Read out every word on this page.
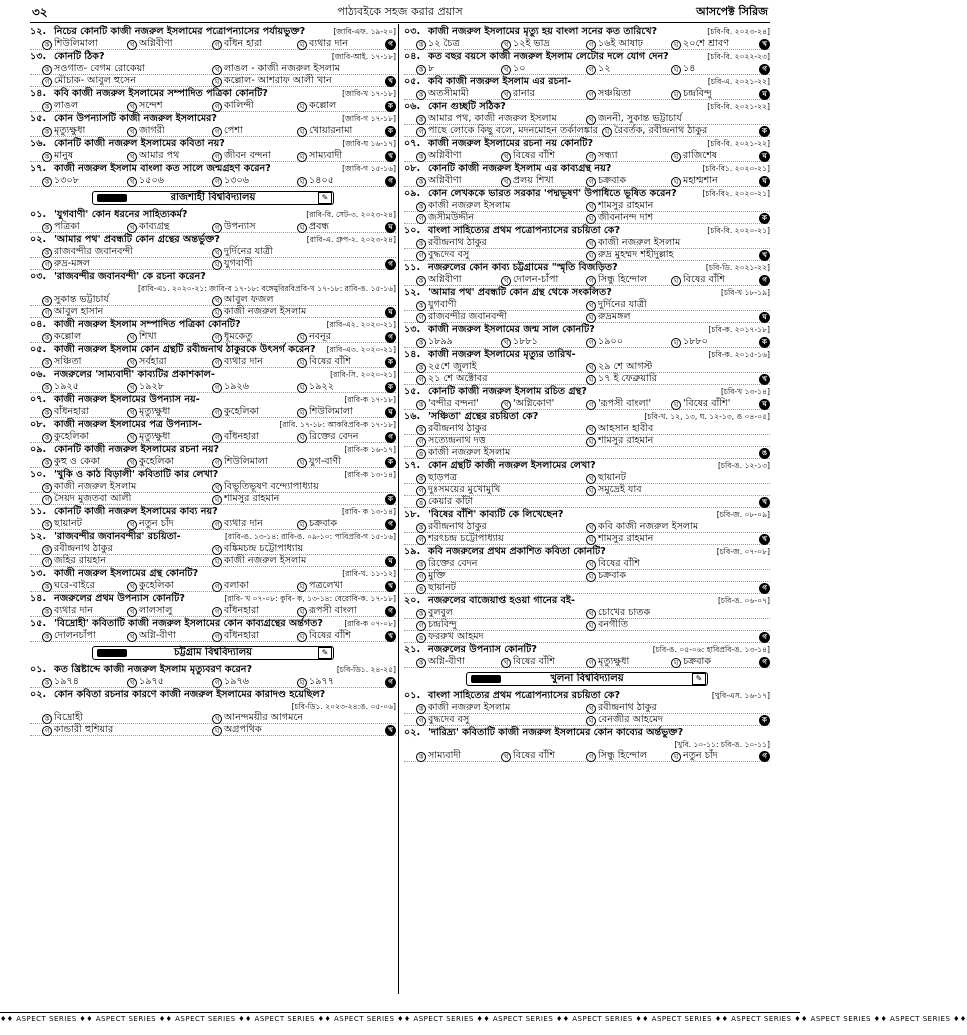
৩২	পাঠ্যবইকে সহজ করার প্রয়াস	আসপেক্ট সিরিজ
১২. নিচের কোনটি কাজী নজরুল ইসলামের পত্রোপন্যাসের পর্যায়ভুক্ত?	[জাবি-এফ. ১৯-২০]
ক শিউলিমালা	খ অগ্নিবীণা	গ বাঁধন হারা	ঘ ব্যথার দান	গ
১৩. কোনটি ঠিক?	[জাবি-আই. ১৭-১৮]
ক সওগাত- বেগম রোকেয়া	খ লাঙল - কাজী নজরুল ইসলাম
গ মৌচাক- আবুল হুসেন	ঘ কল্লোল- আশরাফ আলী খান	খ
১৪. কবি কাজী নজরুল ইসলামের সম্পাদিত পত্রিকা কোনটি?	[জাবি-খ ১৭-১৮]
ক লাঙল	খ সন্দেশ	গ কালিন্দী	ঘ কল্লোল	ক
১৫. কোন উপন্যাসটি কাজী নজরুল ইসলামের?	[জাবি-গ ১৭-১৮]
ক মৃত্যুক্ষুধা	খ জাগরী	গ পেশা	ঘ খোয়ারনামা	ক
১৬. কোনটি কাজী নজরুল ইসলামের কবিতা নয়?	[জাবি-ঘ ১৬-১৭]
ক মানুষ	খ আমার পথ	গ জীবন বন্দনা	ঘ সাম্যবাদী	খ
১৭. কাজী নজরুল ইসলাম বাংলা কত সালে জন্মগ্রহণ করেন?	[জাবি-গ ১৫-১৬]
ক ১৩০৮	খ ১৫০৬	গ ১৩০৬	ঘ ১৪০৫	গ
রাজশাহী বিশ্ববিদ্যালয়	✎
০১. 'যুগবাণী' কোন ধরনের সাহিত্যকর্ম?	[রাবি-বি. সেট-৩. ২০২৩-২৪]
ক পত্রিকা	খ কাব্যগ্রন্থ	গ উপন্যাস	ঘ প্রবন্ধ	ঘ
০২. 'আমার পথ' প্রবন্ধটি কোন গ্রন্থের অন্তর্ভুক্ত?	[রাবি-এ. গ্রুপ-২. ২০২৩-২৪]
ক রাজবন্দীর জবানবন্দী	খ দুর্দিনের যাত্রী
গ রুদ্র-মঙ্গল	ঘ যুগবাণী	গ
০৩. 'রাজবন্দীর জবানবন্দী' কে রচনা করেন?
[রাবি-এ১. ২০২০-২১: জাবি-ব ১৭-১৮: বঙ্গেমুবিরবিপ্রবি-খ ১৭-১৮: রাবি-ঙ. ১৫-১৬]
ক সুকান্ত ভট্টাচার্য	খ আবুল ফজল
গ আবুল হাসান	ঘ কাজী নজরুল ইসলাম	ঘ
০৪. কাজী নজরুল ইসলাম সম্পাদিত পত্রিকা কোনটি?	[রাবি-এ২. ২০২০-২১]
ক কল্লোল	খ শিখা	গ ধূমকেতু	ঘ নবনূর	গ
০৫. কাজী নজরুল ইসলাম কোন গ্রন্থটি রবীন্দ্রনাথ ঠাকুরকে উৎসর্গ করেন?	[রাবি-এ৩. ২০২০-২১]
ক সঞ্চিতা	খ সর্বহারা	গ ব্যথার দান	ঘ বিষের বাঁশি	ক
০৬. নজরুলের 'সাম্যবাদী' কাব্যটির প্রকাশকাল-	[রাবি-সি. ২০২০-২১]
ক ১৯২৫	খ ১৯২৮	গ ১৯২৬	ঘ ১৯২২	ক
০৭. কাজী নজরুল ইসলামের উপন্যাস নয়-	[রাবি-ক ১৭-১৮]
ক বাঁধনহারা	খ মৃত্যুক্ষুধা	গ কুহেলিকা	ঘ শিউলিমালা	ঘ
০৮. কাজী নজরুল ইসলামের পত্র উপন্যাস-	[রাবি. ১৭-১৮: আকবিপ্রবি-ক ১৭-১৮]
ক কুহেলিকা	খ মৃত্যুক্ষুধা	গ বাঁধনহারা	ঘ রিক্তের বেদন	গ
০৯. কোনটি কাজী নজরুল ইসলামের রচনা নয়?	[রাবি-ক ১৬-১৭]
ক কুহু ও কেকা	খ কুহেলিকা	গ শিউলিমালা	ঘ যুগ-বাণী	ক
১০. 'খুকি ও কাঠ বিড়ালী' কবিতাটি কার লেখা?	[রাবি-ক ১৩-১৪]
ক কাজী নজরুল ইসলাম	খ বিভূতিভূষণ বন্দ্যোপাধ্যায়
গ সৈয়দ মুজতবা আলী	ঘ শামসুর রাহমান	ক
১১. কোনটি কাজী নজরুল ইসলামের কাব্য নয়?	[রাবি- ক ১৩-১৪]
ক ছায়ানট	খ নতুন চাঁদ	গ ব্যথার দান	ঘ চক্রবাক	গ
১২. 'রাজবন্দীর জবানবন্দীর' রচয়িতা-	[রাবি-ঙ. ১৩-১৪: রাবি-ঙ. ০৯-১০: পাবিপ্রবি-গ ১৫-১৬]
ক রবীন্দ্রনাথ ঠাকুর	খ বঙ্কিমচন্দ্র চট্টোপাধ্যায়
গ জহির রায়হান	ঘ কাজী নজরুল ইসলাম	ঘ
১৩. কাজী নজরুল ইসলামের গ্রন্থ কোনটি?	[রাবি-খ. ১১-১২]
ক ঘরে-বাইরে	খ কুহেলিকা	গ বলাকা	ঘ পত্রলেখা	খ
১৪. নজরুলের প্রথম উপন্যাস কোনটি?	[রাবি- খ ০৭-০৮: কুবি- ক, ১৩-১৪: বেরোবি-ক. ১৭-১৮]
ক ব্যথার দান	খ লালসালু	গ বাঁধনহারা	ঘ রূপসী বাংলা	গ
১৫. 'বিদ্রোহী' কবিতাটি কাজী নজরুল ইসলামের কোন কাব্যগ্রন্থের অর্ন্তগত?	[রাবি-ক ০৭-০৮]
ক দোলনচাঁপা	খ অগ্নি-বীণা	গ বাঁধনহারা	ঘ বিষের বাঁশি	খ
চট্টগ্রাম বিশ্ববিদ্যালয়	✎
০১. কত খ্রিষ্টাব্দে কাজী নজরুল ইসলাম মৃত্যুবরণ করেন?	[চবি-ডি১. ২৪-২৫]
ক ১৯৭৪	খ ১৯৭৫	গ ১৯৭৬	ঘ ১৯৭৭	গ
০২. কোন কবিতা রচনার কারণে কাজী নজরুল ইসলামের কারাদণ্ড হয়েছিল?
[চবি-ডি১. ২০২৩-২৪:ঙ. ০৫-০৬]
ক বিদ্রোহী	খ আনন্দময়ীর আগমনে
গ কান্ডারী হুশিয়ার	ঘ অগ্রপথিক	খ
০৩. কাজী নজরুল ইসলামের মৃত্যু হয় বাংলা সনের কত তারিখে?	[চবি-বি. ২০২৩-২৪]
ক ১২ চৈত্র	খ ১২ই ভাদ্র	গ ১৬ই আষাঢ়	ঘ ২০শে শ্রাবণ	খ
০৪. কত বছর বয়সে কাজী নজরুল ইসলাম লেটোর দলে যোগ দেন?	[চবি-বি. ২০২২-২৩]
ক ৮	খ ১০	গ ১২	ঘ ১৪	গ
০৫. কবি কাজী নজরুল ইসলাম এর রচনা-	[চবি-এ. ২০২১-২২]
ক অতসীমামী	খ রানার	গ সঞ্চয়িতা	ঘ চন্দ্রবিন্দু	ঘ
০৬. কোন গুচ্ছটি সঠিক?	[চবি-বি. ২০২১-২২]
ক আমার পথ, কাজী নজরুল ইসলাম	খ জননী, সুকান্ত ভট্টাচার্য
গ পাছে লোকে কিছু বলে, মদনমোহন তর্কালঙ্কার ঘ রৈবর্তক, রবীন্দ্রনাথ ঠাকুর	ক
০৭. কাজী নজরুল ইসলামের রচনা নয় কোনটি?	[চবি-বি. ২০২১-২২]
ক অগ্নিবীণা	খ বিষের বাঁশি	গ সন্ধ্যা	ঘ রাজিশেষ	ঘ
০৮. কোনটি কাজী নজরুল ইসলাম এর কাব্যগ্রন্থ নয়?	[চবি-বি১. ২০২০-২১]
ক অগ্নিবীণা	খ প্রলয় শিখা	গ চক্রবাক	ঘ মহাশ্মশান	ঘ
০৯. কোন লেখককে ভারত সরকার 'পদ্মভূষণ' উপাধিতে ভূষিত করেন?	[চবি-বি২. ২০২০-২১]
ক কাজী নজরুল ইসলাম	খ শামসুর রাহমান
গ জসীমউদ্দীন	ঘ জীবনানন্দ দাশ	ক
১০. বাংলা সাহিত্যের প্রথম পত্রোপন্যাসের রচয়িতা কে?	[চবি-বি. ২০২০-২১]
ক রবীন্দ্রনাথ ঠাকুর	খ কাজী নজরুল ইসলাম
গ বুদ্ধদেব বসু	ঘ রুদ্র মুহম্মদ শহীদুল্লাহ	খ
১১. নজরুলের কোন কাব্য চট্টগ্রামের "স্মৃতি বিজড়িত?	[চবি-ডি. ২০২১-২২]
ক অগ্নিবীণা	খ দোলন-চাঁপা	গ সিন্ধু হিন্দোল	ঘ বিষের বাঁশি	গ
১২. 'আমার পথ' প্রবন্ধটি কোন গ্রন্থ থেকে সংকলিত?	[চবি-খ ১৮-১৯]
ক যুগবাণী	খ দুর্দিনের যাত্রী
গ রাজবন্দীর জবানবন্দী	ঘ রুদ্রমঙ্গল	ঘ
১৩. কাজী নজরুল ইসলামের জন্ম সাল কোনটি?	[চবি-ক. ২০১৭-১৮]
ক ১৮৯৯	খ ১৮৮১	গ ১৯০০	ঘ ১৮৮০	ক
১৪. কাজী নজরুল ইসলামের মৃত্যুর তারিখ-	[চবি-ক. ২০১৫-১৬]
ক ২৫শে জুলাই	খ ২৯ শে আগস্ট
গ ২১ শে অক্টোবর	ঘ ১৭ ই ফেব্রুয়ারি	খ
১৫. কোনটি কাজী নজরুল ইসলাম রচিত গ্রন্থ?	[চবি-খ ১৩-১৪]
ক 'বন্দীর বন্দনা'	খ 'অগ্নিকোণ'	গ 'রূপসী বাংলা'	ঘ 'বিষের বাঁশি'	ঘ
১৬. 'সঞ্চিতা' গ্রন্থের রচয়িতা কে?	[চবি-খ. ১২, ১৩, ঘ. ১২-১৩, ঙ ০৪-০৫]
ক রবীন্দ্রনাথ ঠাকুর	খ আহসান হাবীব
গ সত্যেন্দ্রনাথ দত্ত	ঘ শামসুর রাহমান
ঙ কাজী নজরুল ইসলাম	ঙ
১৭. কোন গ্রন্থটি কাজী নজরুল ইসলামের লেখা?	[চবি-ঙ. ১২-১৩]
ক ছাড়পত্র	খ ছায়ানট
গ দুঃসময়ের মুখোমুখি	ঘ সমুদ্রেই যাব
ঙ কেয়ার কাঁটা	খ
১৮. 'বিষের বাঁশি' কাব্যটি কে লিখেছেন?	[চবি-জ. ০৮-০৯]
ক রবীন্দ্রনাথ ঠাকুর	খ কবি কাজী নজরুল ইসলাম
গ শরৎচন্দ্র চট্টোপাধ্যায়	ঘ শামসুর রাহমান	খ
১৯. কবি নজরুলের প্রথম প্রকাশিত কবিতা কোনটি?	[চবি-জ. ০৭-০৮]
ক রিক্তের বেদন	খ বিষের বাঁশি
গ মুক্তি	ঘ চক্রবাক
ঙ ছায়ানট	গ
২০. নজরুলের বাজেয়াপ্ত হওয়া গানের বই-	[চবি-ঙ. ০৬-০৭]
ক বুলবুল	খ চোখের চাতক
গ চন্দ্রবিন্দু	ঘ বনগীতি
ঙ ফররুখ আহমদ	গ
২১. নজরুলের উপন্যাস কোনটি?	[চবি-ঙ. ০৫-০৬: হাবিপ্রবি-ঙ. ১৩-১৪]
ক অগ্নি-বীণা	খ বিষের বাঁশি	গ মৃত্যুক্ষুধা	ঘ চক্রবাক	গ
খুলনা বিশ্ববিদ্যালয়	✎
০১. বাংলা সাহিত্যের প্রথম পত্রোপন্যাসের রচয়িতা কে?	[খুবি-এস. ১৬-১৭]
ক কাজী নজরুল ইসলাম	খ রবীন্দ্রনাথ ঠাকুর
গ বুদ্ধদেব বসু	ঘ বেনজীর আহমেদ	ক
০২. 'দারিদ্র্য' কবিতাটি কাজী নজরুল ইসলামের কোন কাব্যের অর্ন্তভুক্ত?
[খুবি. ১০-১১: চবি-ঙ. ১০-১১]
ক সাম্যবাদী	খ বিষের বাঁশি	গ সিন্ধু হিন্দোল	ঘ নতুন চাঁদ	গ
♦♦ ASPECT SERIES ♦♦ ASPECT SERIES ♦♦ ASPECT SERIES ♦♦ ASPECT SERIES ♦♦ ASPECT SERIES ♦♦ ASPECT SERIES ♦♦ ASPECT SERIES ♦♦ ASPECT SERIES ♦♦ ASPECT SERIES ♦♦ ASPECT SERIES ♦♦ ASPECT SERIES ♦♦ ASPECT SERIES ♦♦
